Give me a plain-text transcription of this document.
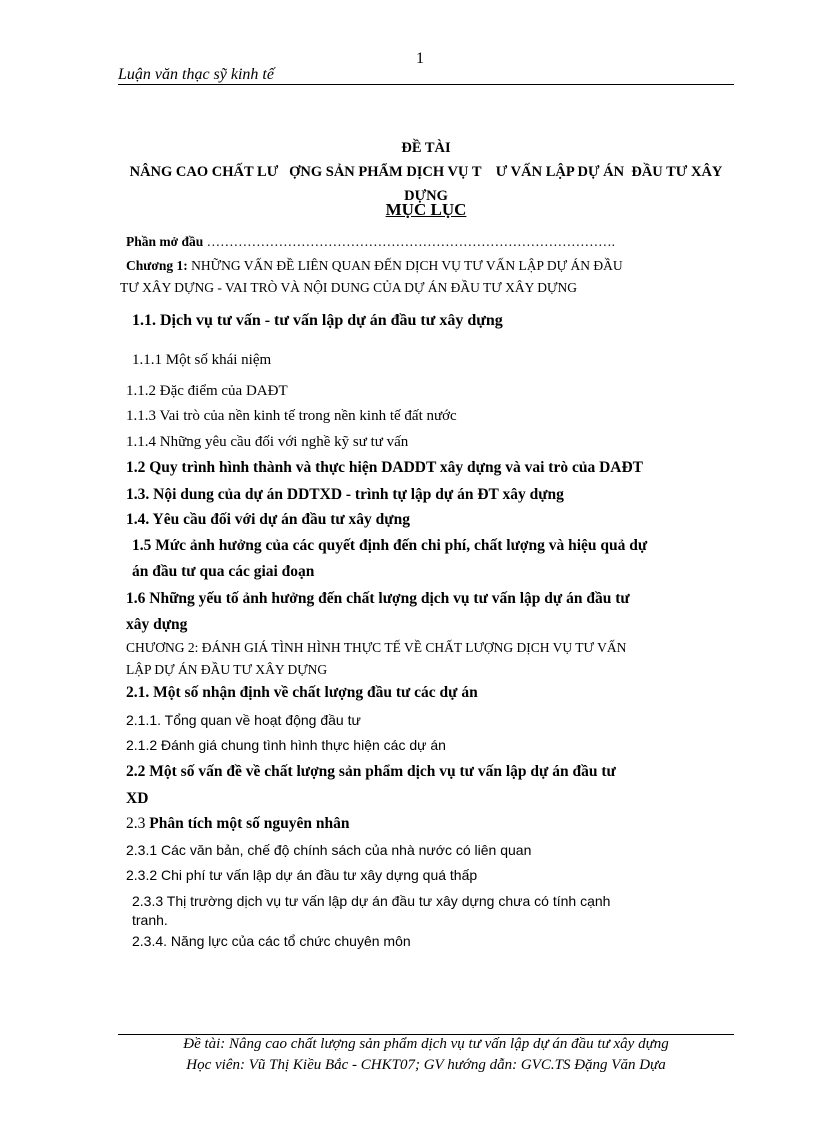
1
Luận văn thạc sỹ kinh tế
ĐỀ TÀI
NÂNG CAO CHẤT LƯ   ỢNG SẢN PHẨM DỊCH VỤ T    Ư VẤN LẬP DỰ ÁN  ĐẦU TƯ XÂY
DỰNG
MỤC LỤC
Phần mở đầu ……………………………………………………………………………….
Chương 1: NHỮNG VẤN ĐỀ LIÊN QUAN ĐẾN DỊCH VỤ TƯ VẤN LẬP DỰ ÁN ĐẦU
TƯ XÂY DỰNG - VAI TRÒ VÀ NỘI DUNG CỦA DỰ ÁN ĐẦU TƯ XÂY DỰNG
1.1. Dịch vụ tư vấn - tư vấn lập dự án đầu tư xây dựng
1.1.1 Một số khái niệm
1.1.2 Đặc điểm của DAĐT
1.1.3 Vai trò của nền kinh tế trong nền kinh tế đất nước
1.1.4 Những yêu cầu đối với nghề kỹ sư tư vấn
1.2 Quy trình hình thành và thực hiện DADDT xây dựng và vai trò của DAĐT
1.3. Nội dung của dự án DDTXD - trình tự lập dự án ĐT xây dựng
1.4. Yêu cầu đối với dự án đầu tư xây dựng
1.5 Mức ảnh hưởng của các quyết định đến chi phí, chất lượng và hiệu quả dự
án đầu tư qua các giai đoạn
1.6 Những yếu tố ảnh hưởng đến chất lượng dịch vụ tư vấn lập dự án đầu tư
xây dựng
CHƯƠNG 2: ĐÁNH GIÁ TÌNH HÌNH THỰC TẾ VỀ CHẤT LƯỢNG DỊCH VỤ TƯ VẤN
LẬP DỰ ÁN ĐẦU TƯ XÂY DỰNG
2.1. Một số nhận định về chất lượng đầu tư các dự án
2.1.1. Tổng quan về hoạt động đầu tư
2.1.2 Đánh giá chung tình hình thực hiện các dự án
2.2 Một số vấn đề về chất lượng sản phẩm dịch vụ tư vấn lập dự án đầu tư
XD
2.3 Phân tích một số nguyên nhân
2.3.1 Các văn bản, chế độ chính sách của nhà nước có liên quan
2.3.2 Chi phí tư vấn lập dự án đầu tư xây dựng quá thấp
2.3.3 Thị trường dịch vụ tư vấn lập dự án đầu tư xây dựng chưa có tính cạnh
tranh.
2.3.4. Năng lực của các tổ chức chuyên môn
Đề tài: Nâng cao chất lượng sản phẩm dịch vụ tư vấn lập dự án đầu tư xây dựng
Học viên: Vũ Thị Kiều Bắc - CHKT07; GV hướng dẫn: GVC.TS Đặng Văn Dựa
